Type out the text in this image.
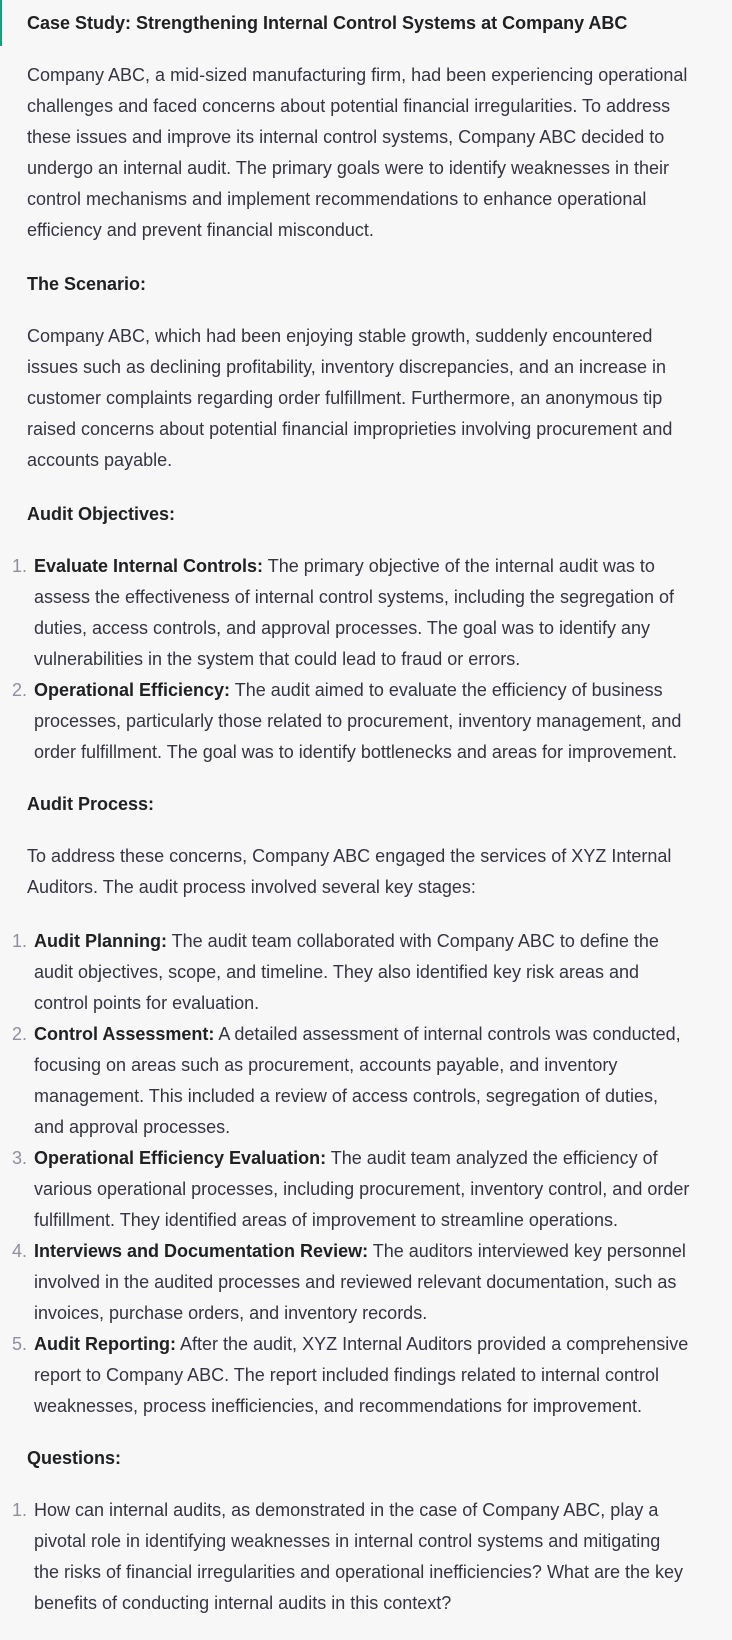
Case Study: Strengthening Internal Control Systems at Company ABC

Company ABC, a mid-sized manufacturing firm, had been experiencing operational challenges and faced concerns about potential financial irregularities. To address these issues and improve its internal control systems, Company ABC decided to undergo an internal audit. The primary goals were to identify weaknesses in their control mechanisms and implement recommendations to enhance operational efficiency and prevent financial misconduct.

The Scenario:

Company ABC, which had been enjoying stable growth, suddenly encountered issues such as declining profitability, inventory discrepancies, and an increase in customer complaints regarding order fulfillment. Furthermore, an anonymous tip raised concerns about potential financial improprieties involving procurement and accounts payable.

Audit Objectives:
1. Evaluate Internal Controls: The primary objective of the internal audit was to assess the effectiveness of internal control systems, including the segregation of duties, access controls, and approval processes. The goal was to identify any vulnerabilities in the system that could lead to fraud or errors.
2. Operational Efficiency: The audit aimed to evaluate the efficiency of business processes, particularly those related to procurement, inventory management, and order fulfillment. The goal was to identify bottlenecks and areas for improvement.
Audit Process:

To address these concerns, Company ABC engaged the services of XYZ Internal Auditors. The audit process involved several key stages:

1. Audit Planning: The audit team collaborated with Company ABC to define the audit objectives, scope, and timeline. They also identified key risk areas and control points for evaluation.
2. Control Assessment: A detailed assessment of internal controls was conducted, focusing on areas such as procurement, accounts payable, and inventory management. This included a review of access controls, segregation of duties, and approval processes.
3. Operational Efficiency Evaluation: The audit team analyzed the efficiency of various operational processes, including procurement, inventory control, and order fulfillment. They identified areas of improvement to streamline operations.
4. Interviews and Documentation Review: The auditors interviewed key personnel involved in the audited processes and reviewed relevant documentation, such as invoices, purchase orders, and inventory records.
5. Audit Reporting: After the audit, XYZ Internal Auditors provided a comprehensive report to Company ABC. The report included findings related to internal control weaknesses, process inefficiencies, and recommendations for improvement.
Questions:
1. How can internal audits, as demonstrated in the case of Company ABC, play a pivotal role in identifying weaknesses in internal control systems and mitigating the risks of financial irregularities and operational inefficiencies? What are the key benefits of conducting internal audits in this context?
